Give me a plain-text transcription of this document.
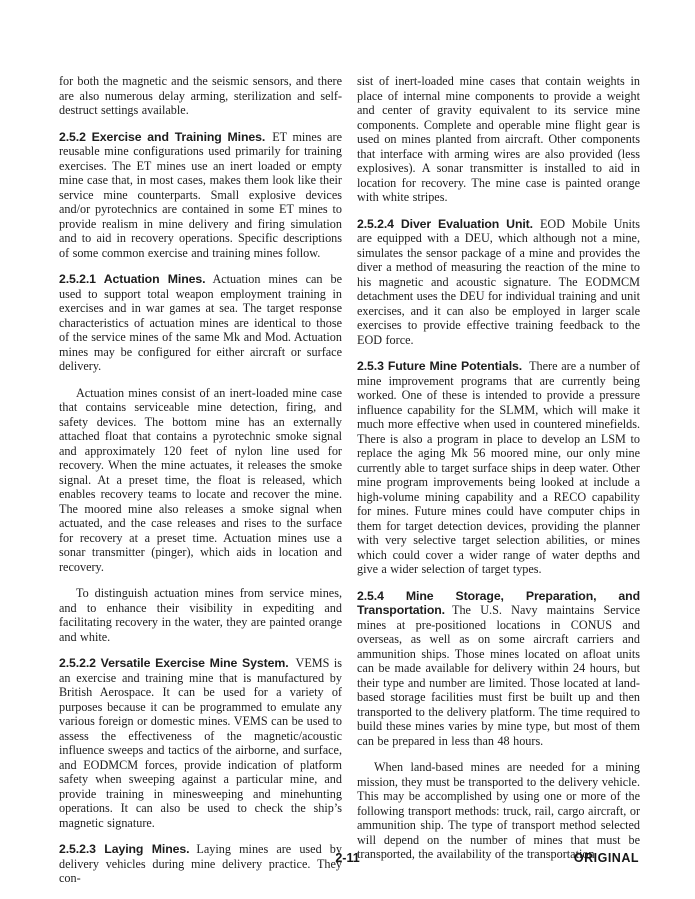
for both the magnetic and the seismic sensors, and there are also numerous delay arming, sterilization and self-destruct settings available.

2.5.2 Exercise and Training Mines. ET mines are reusable mine configurations used primarily for training exercises. The ET mines use an inert loaded or empty mine case that, in most cases, makes them look like their service mine counterparts. Small explosive devices and/or pyrotechnics are contained in some ET mines to provide realism in mine delivery and firing simulation and to aid in recovery operations. Specific descriptions of some common exercise and training mines follow.

2.5.2.1 Actuation Mines. Actuation mines can be used to support total weapon employment training in exercises and in war games at sea. The target response characteristics of actuation mines are identical to those of the service mines of the same Mk and Mod. Actuation mines may be configured for either aircraft or surface delivery.

Actuation mines consist of an inert-loaded mine case that contains serviceable mine detection, firing, and safety devices. The bottom mine has an externally attached float that contains a pyrotechnic smoke signal and approximately 120 feet of nylon line used for recovery. When the mine actuates, it releases the smoke signal. At a preset time, the float is released, which enables recovery teams to locate and recover the mine. The moored mine also releases a smoke signal when actuated, and the case releases and rises to the surface for recovery at a preset time. Actuation mines use a sonar transmitter (pinger), which aids in location and recovery.

To distinguish actuation mines from service mines, and to enhance their visibility in expediting and facilitating recovery in the water, they are painted orange and white.

2.5.2.2 Versatile Exercise Mine System. VEMS is an exercise and training mine that is manufactured by British Aerospace. It can be used for a variety of purposes because it can be programmed to emulate any various foreign or domestic mines. VEMS can be used to assess the effectiveness of the magnetic/acoustic influence sweeps and tactics of the airborne, and surface, and EODMCM forces, provide indication of platform safety when sweeping against a particular mine, and provide training in minesweeping and minehunting operations. It can also be used to check the ship’s magnetic signature.

2.5.2.3 Laying Mines. Laying mines are used by delivery vehicles during mine delivery practice. They con-

sist of inert-loaded mine cases that contain weights in place of internal mine components to provide a weight and center of gravity equivalent to its service mine components. Complete and operable mine flight gear is used on mines planted from aircraft. Other components that interface with arming wires are also provided (less explosives). A sonar transmitter is installed to aid in location for recovery. The mine case is painted orange with white stripes.

2.5.2.4 Diver Evaluation Unit. EOD Mobile Units are equipped with a DEU, which although not a mine, simulates the sensor package of a mine and provides the diver a method of measuring the reaction of the mine to his magnetic and acoustic signature. The EODMCM detachment uses the DEU for individual training and unit exercises, and it can also be employed in larger scale exercises to provide effective training feedback to the EOD force.

2.5.3 Future Mine Potentials. There are a number of mine improvement programs that are currently being worked. One of these is intended to provide a pressure influence capability for the SLMM, which will make it much more effective when used in countered minefields. There is also a program in place to develop an LSM to replace the aging Mk 56 moored mine, our only mine currently able to target surface ships in deep water. Other mine program improvements being looked at include a high-volume mining capability and a RECO capability for mines. Future mines could have computer chips in them for target detection devices, providing the planner with very selective target selection abilities, or mines which could cover a wider range of water depths and give a wider selection of target types.

2.5.4 Mine Storage, Preparation, and Transportation. The U.S. Navy maintains Service mines at pre-positioned locations in CONUS and overseas, as well as on some aircraft carriers and ammunition ships. Those mines located on afloat units can be made available for delivery within 24 hours, but their type and number are limited. Those located at land-based storage facilities must first be built up and then transported to the delivery platform. The time required to build these mines varies by mine type, but most of them can be prepared in less than 48 hours.

When land-based mines are needed for a mining mission, they must be transported to the delivery vehicle. This may be accomplished by using one or more of the following transport methods: truck, rail, cargo aircraft, or ammunition ship. The type of transport method selected will depend on the number of mines that must be transported, the availability of the transportation

2-11	ORIGINAL
